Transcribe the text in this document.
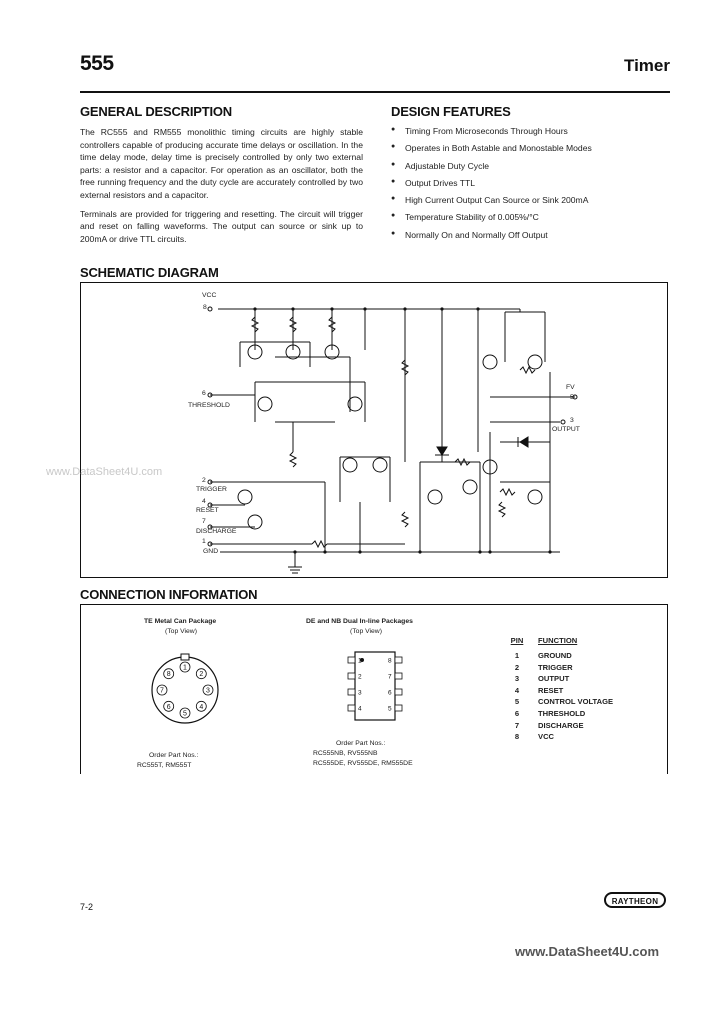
555	Timer
GENERAL DESCRIPTION

The RC555 and RM555 monolithic timing circuits are highly stable controllers capable of producing accurate time delays or oscillation. In the time delay mode, delay time is precisely controlled by only two external parts: a resistor and a capacitor. For operation as an oscillator, both the free running frequency and the duty cycle are accurately controlled by two external resistors and a capacitor.

Terminals are provided for triggering and resetting. The circuit will trigger and reset on falling waveforms. The output can source or sink up to 200mA or drive TTL circuits.

DESIGN FEATURES
● Timing From Microseconds Through Hours
● Operates in Both Astable and Monostable Modes
● Adjustable Duty Cycle
● Output Drives TTL
● High Current Output Can Source or Sink 200mA
● Temperature Stability of 0.005%/°C
● Normally On and Normally Off Output
SCHEMATIC DIAGRAM
VCC
8
6
THRESHOLD
2
TRIGGER
4
RESET
7
DISCHARGE
1
GND
FV
5
3
OUTPUT
CONNECTION INFORMATION
TE Metal Can Package
(Top View)
1
2
3
4
5
6
7
8
Order Part Nos.:
RC555T, RM555T
DE and NB Dual In-line Packages
(Top View)
1
2
3
4
8
7
6
5
Order Part Nos.:
RC555NB, RV555NB
RC555DE, RV555DE, RM555DE
PIN	FUNCTION
1	GROUND
2	TRIGGER
3	OUTPUT
4	RESET
5	CONTROL VOLTAGE
6	THRESHOLD
7	DISCHARGE
8	VCC
7-2
RAYTHEON
www.DataSheet4U.com
www.DataSheet4U.com
